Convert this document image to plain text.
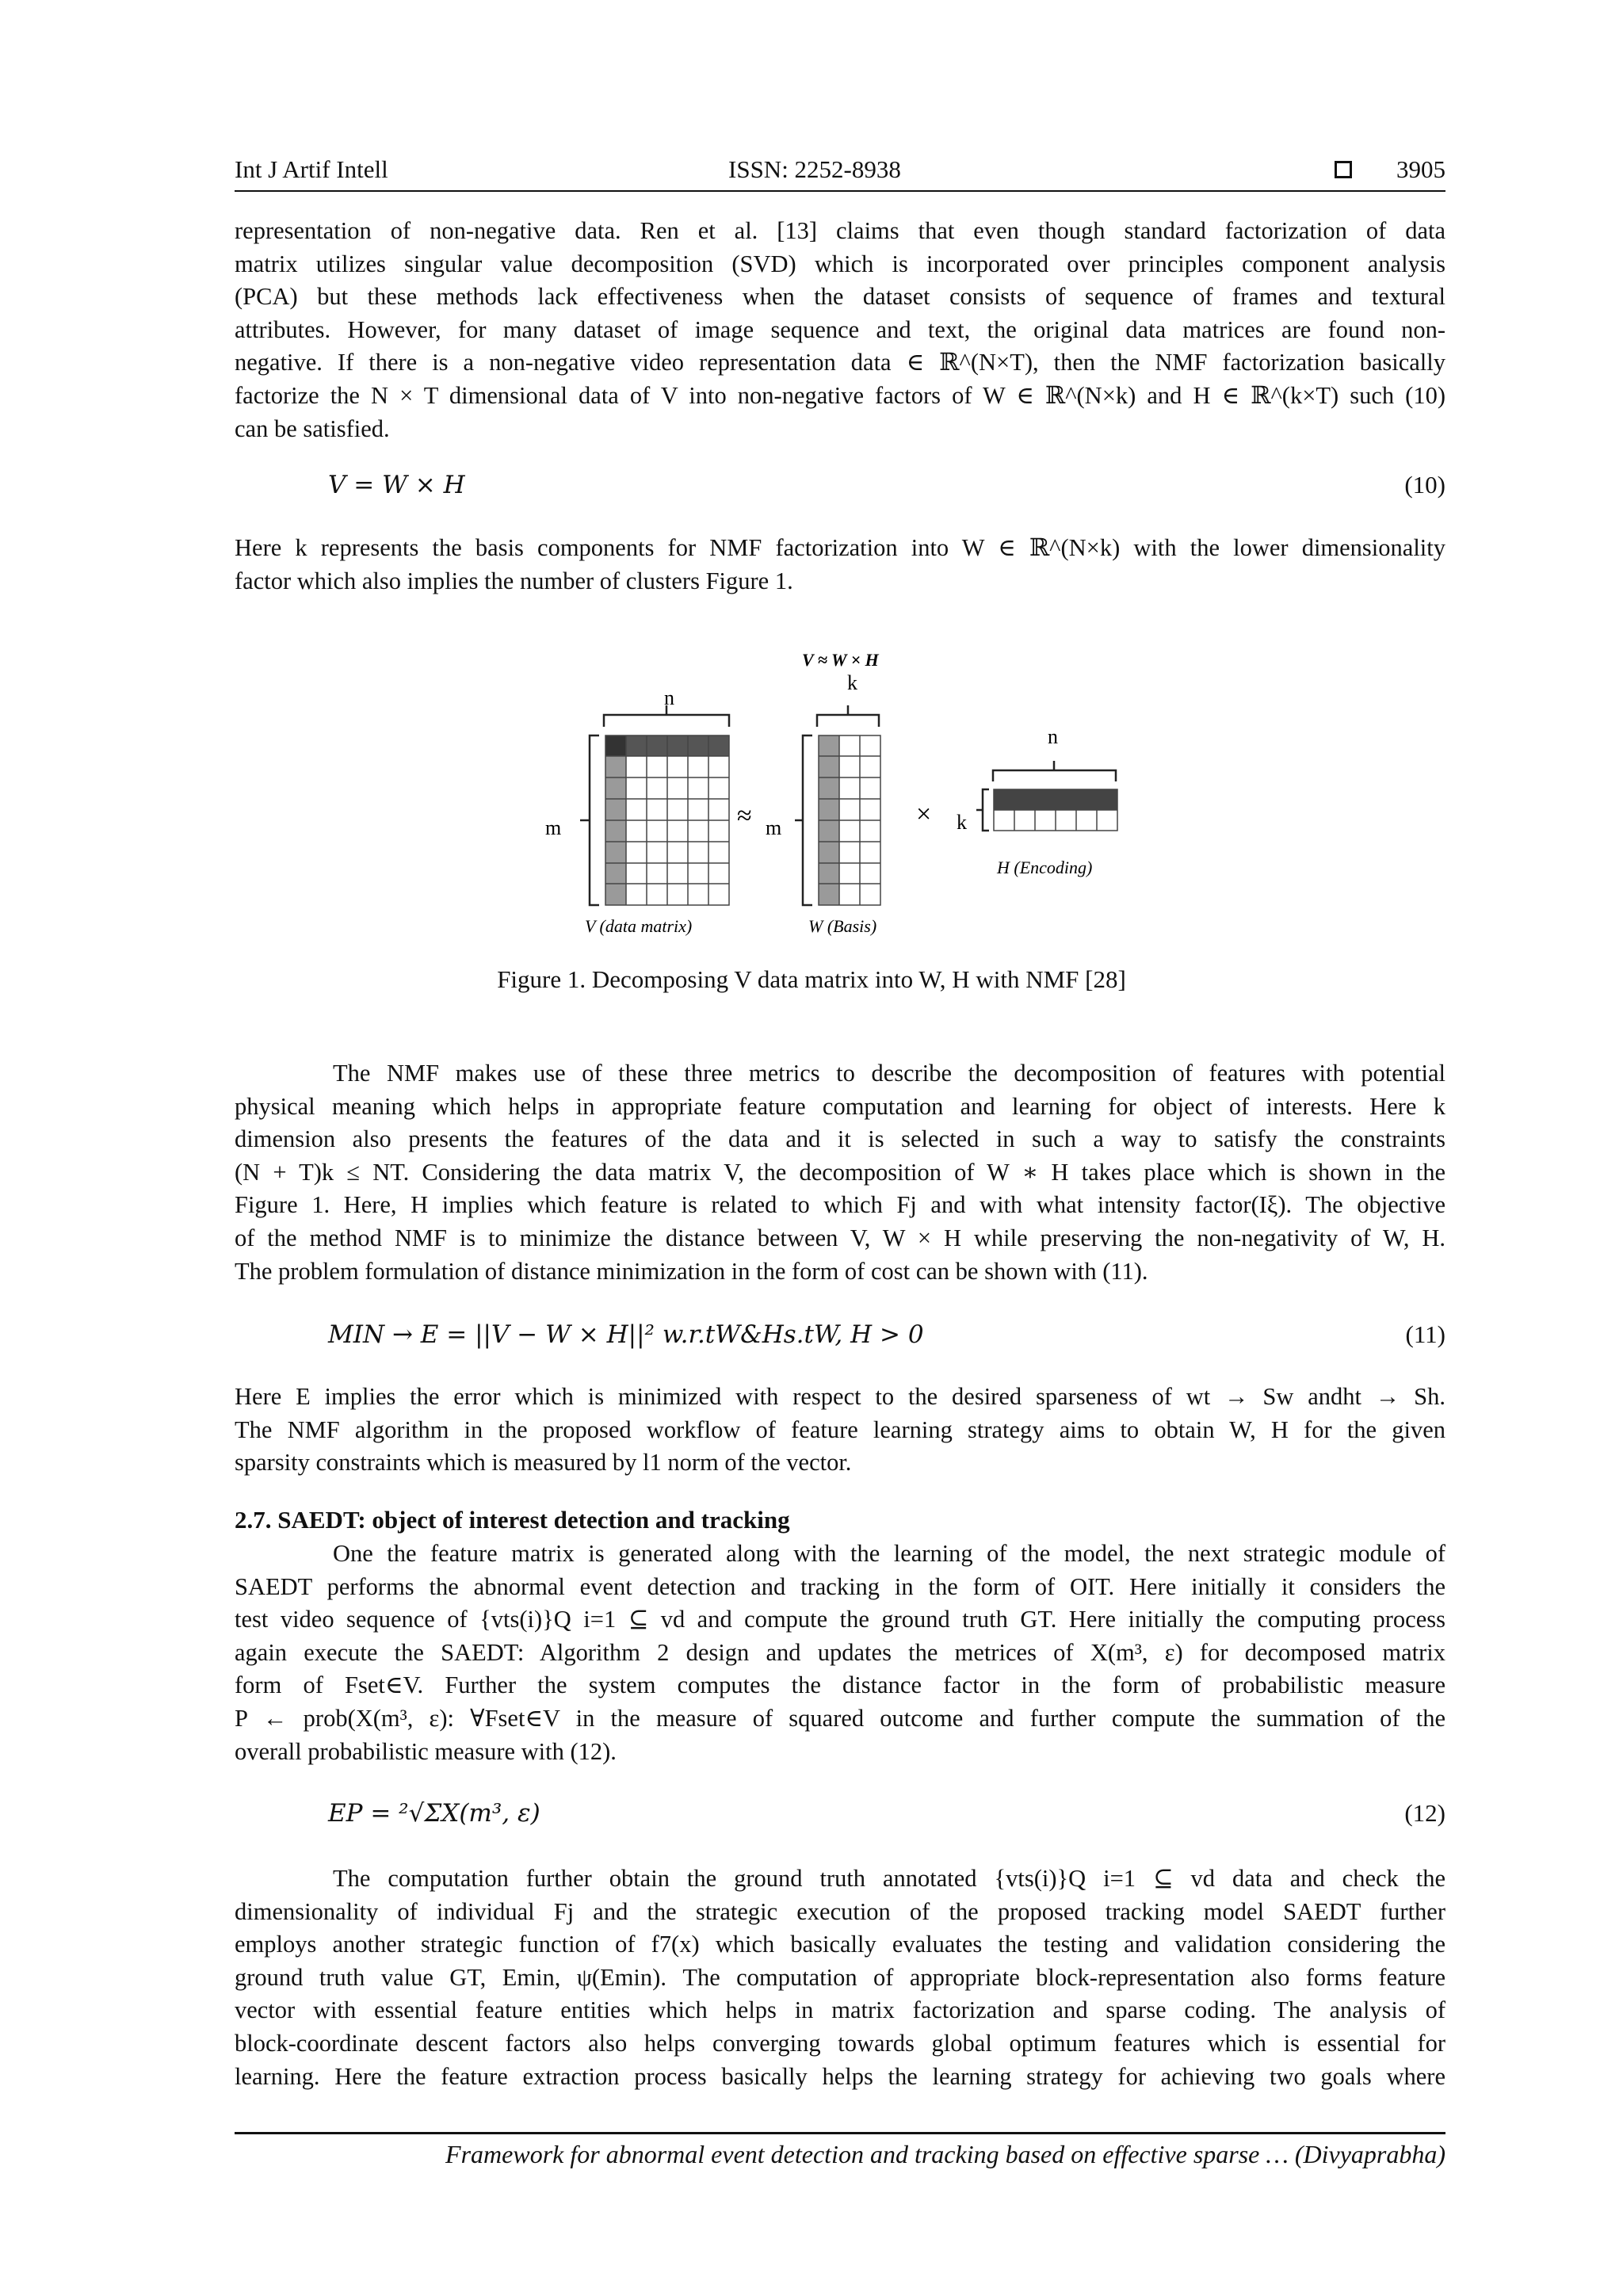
Int J Artif Intell	ISSN: 2252-8938	3905
representation of non-negative data. Ren et al. [13] claims that even though standard factorization of data
matrix utilizes singular value decomposition (SVD) which is incorporated over principles component analysis
(PCA) but these methods lack effectiveness when the dataset consists of sequence of frames and textural
attributes. However, for many dataset of image sequence and text, the original data matrices are found non-
negative. If there is a non-negative video representation data ∈ ℝ^(N×T), then the NMF factorization basically
factorize the N × T dimensional data of V into non-negative factors of W ∈ ℝ^(N×k) and H ∈ ℝ^(k×T) such (10)
can be satisfied.
V = W × H	(10)
Here k represents the basis components for NMF factorization into W ∈ ℝ^(N×k) with the lower dimensionality
factor which also implies the number of clusters Figure 1.
V ≈ W × H
n
m
V (data matrix)
≈
k
m
W (Basis)
×
n
k
H (Encoding)
Figure 1. Decomposing V data matrix into W, H with NMF [28]
The NMF makes use of these three metrics to describe the decomposition of features with potential
physical meaning which helps in appropriate feature computation and learning for object of interests. Here k
dimension also presents the features of the data and it is selected in such a way to satisfy the constraints
(N + T)k ≤ NT. Considering the data matrix V, the decomposition of W ∗ H takes place which is shown in the
Figure 1. Here, H implies which feature is related to which Fj and with what intensity factor(Iξ). The objective
of the method NMF is to minimize the distance between V, W × H while preserving the non-negativity of W, H.
The problem formulation of distance minimization in the form of cost can be shown with (11).
MIN → E = ||V − W × H||² w.r.tW&Hs.tW, H > 0	(11)
Here E implies the error which is minimized with respect to the desired sparseness of wt → Sw andht → Sh.
The NMF algorithm in the proposed workflow of feature learning strategy aims to obtain W, H for the given
sparsity constraints which is measured by l1 norm of the vector.
2.7. SAEDT: object of interest detection and tracking
One the feature matrix is generated along with the learning of the model, the next strategic module of
SAEDT performs the abnormal event detection and tracking in the form of OIT. Here initially it considers the
test video sequence of {vts(i)}Q i=1 ⊆ vd and compute the ground truth GT. Here initially the computing process
again execute the SAEDT: Algorithm 2 design and updates the metrices of X(m³, ε) for decomposed matrix
form of Fset∈V. Further the system computes the distance factor in the form of probabilistic measure
P ← prob(X(m³, ε): ∀Fset∈V in the measure of squared outcome and further compute the summation of the
overall probabilistic measure with (12).
EP = ²√ΣX(m³, ε)	(12)
The computation further obtain the ground truth annotated {vts(i)}Q i=1 ⊆ vd data and check the
dimensionality of individual Fj and the strategic execution of the proposed tracking model SAEDT further
employs another strategic function of f7(x) which basically evaluates the testing and validation considering the
ground truth value GT, Emin, ψ(Emin). The computation of appropriate block-representation also forms feature
vector with essential feature entities which helps in matrix factorization and sparse coding. The analysis of
block-coordinate descent factors also helps converging towards global optimum features which is essential for
learning. Here the feature extraction process basically helps the learning strategy for achieving two goals where
Framework for abnormal event detection and tracking based on effective sparse … (Divyaprabha)
